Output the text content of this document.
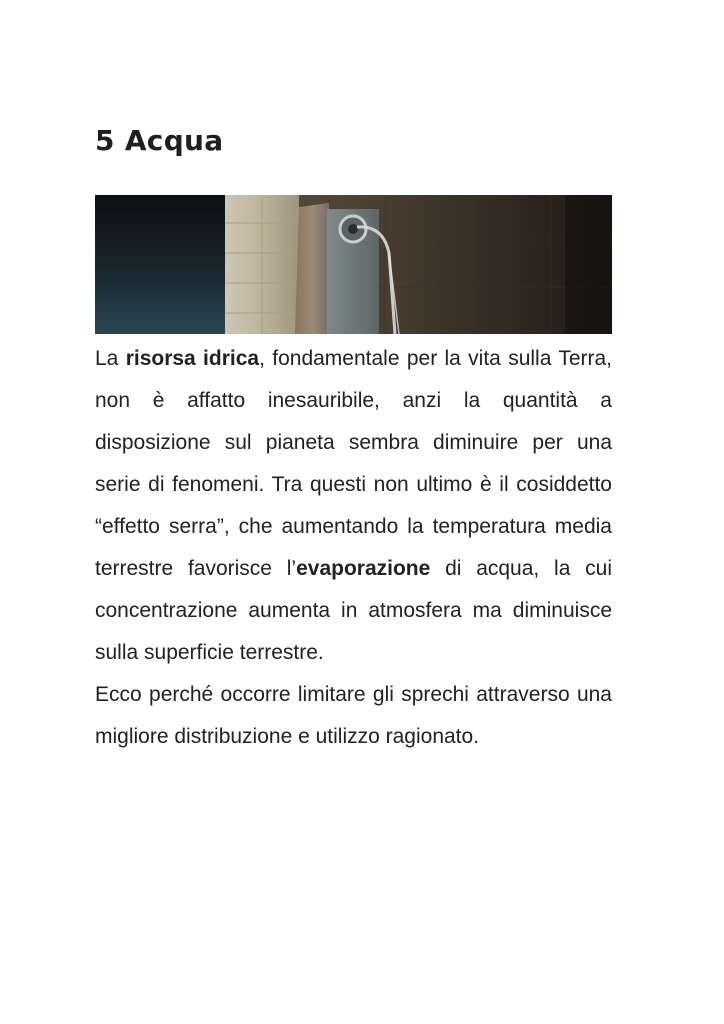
5 Acqua

La risorsa idrica, fondamentale per la vita sulla Terra, non è affatto inesauribile, anzi la quantità a disposizione sul pianeta sembra diminuire per una serie di fenomeni. Tra questi non ultimo è il cosiddetto “effetto serra”, che aumentando la temperatura media terrestre favorisce l’evaporazione di acqua, la cui concentrazione aumenta in atmosfera ma diminuisce sulla superficie terrestre.

Ecco perché occorre limitare gli sprechi attraverso una migliore distribuzione e utilizzo ragionato.
